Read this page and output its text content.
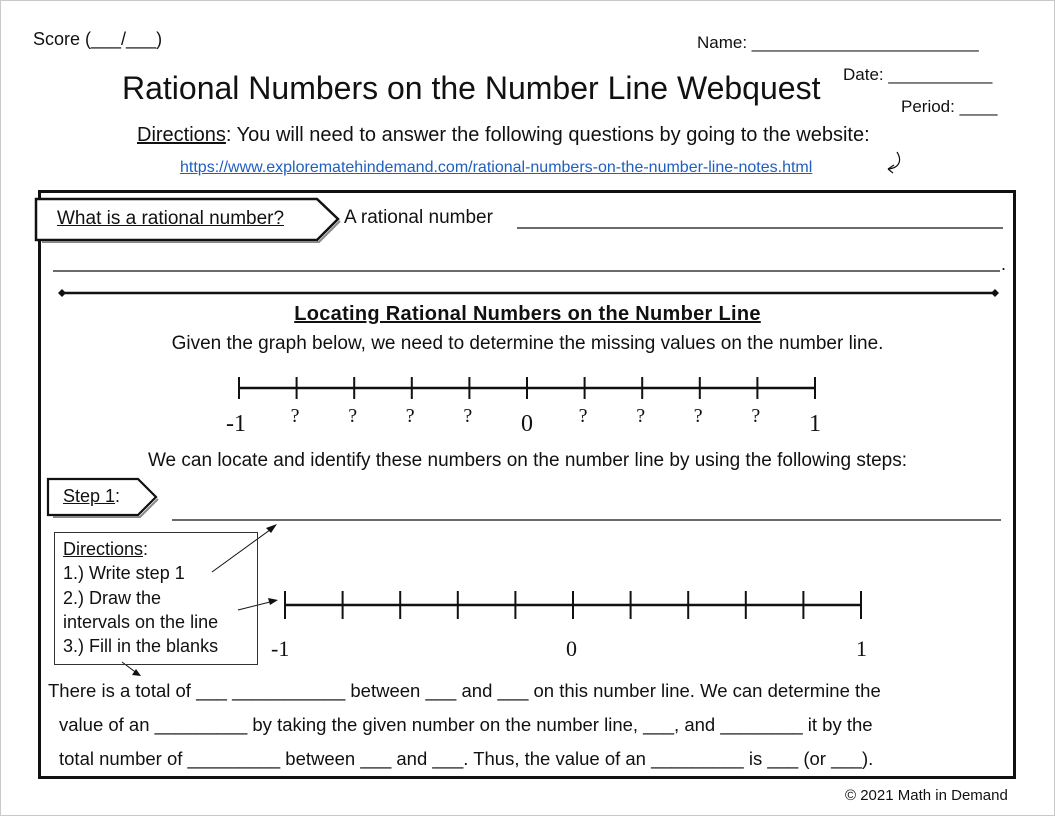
Score (___/___)	Name: ________________________
Date: ___________
Period: ____
Rational Numbers on the Number Line Webquest
Directions: You will need to answer the following questions by going to the website:
https://www.explorematehindemand.com/rational-numbers-on-the-number-line-notes.html
What is a rational number?	A rational number
.
Locating Rational Numbers on the Number Line
Given the graph below, we need to determine the missing values on the number line.
-1 ? ? ? ? 0 ? ? ? ? 1
We can locate and identify these numbers on the number line by using the following steps:
Step 1:
Directions:
1.) Write step 1
2.) Draw the
intervals on the line
3.) Fill in the blanks -1	0	1
There is a total of ___ ___________ between ___ and ___ on this number line. We can determine the
value of an _________ by taking the given number on the number line, ___, and ________ it by the
total number of _________ between ___ and ___. Thus, the value of an _________ is ___ (or ___).
© 2021 Math in Demand
